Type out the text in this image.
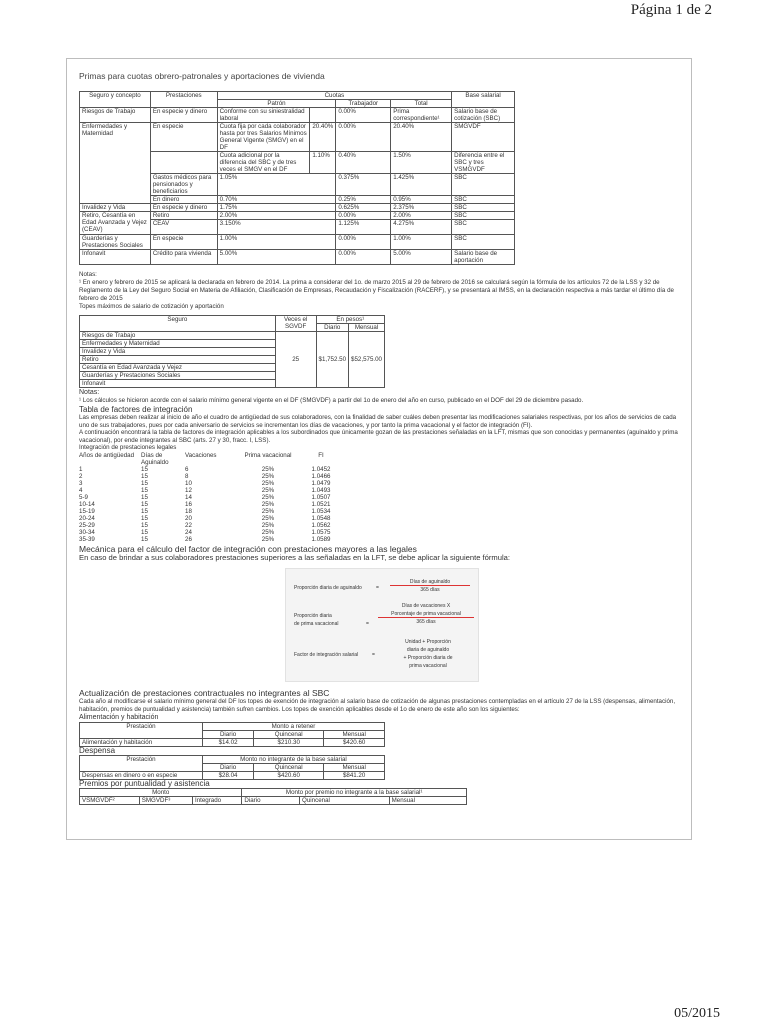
Página 1 de 2
Primas para cuotas obrero-patronales y aportaciones de vivienda
Seguro y concepto	Prestaciones	Cuotas				Base salarial
		Patrón		Trabajador	Total	
Riesgos de Trabajo	En especie y dinero	Conforme con su siniestralidad laboral		0.00%	Prima correspondiente¹	Salario base de cotización (SBC)
Enfermedades y Maternidad	En especie	Cuota fija por cada colaborador hasta por tres Salarios Mínimos General Vigente (SMGV) en el DF	20.40%	0.00%	20.40%	SMGVDF
		Cuota adicional por la diferencia del SBC y de tres veces el SMGV en el DF	1.10%	0.40%	1.50%	Diferencia entre el SBC y tres VSMGVDF
	Gastos médicos para pensionados y beneficiarios	1.05%		0.375%	1.425%	SBC
	En dinero	0.70%		0.25%	0.95%	SBC
Invalidez y Vida	En especie y dinero	1.75%		0.625%	2.375%	SBC
Retiro, Cesantía en Edad Avanzada y Vejez (CEAV)	Retiro	2.00%		0.00%	2.00%	SBC
	CEAV	3.150%		1.125%	4.275%	SBC
Guarderías y Prestaciones Sociales	En especie	1.00%		0.00%	1.00%	SBC
Infonavit	Crédito para vivienda	5.00%		0.00%	5.00%	Salario base de aportación
Notas:
¹ En enero y febrero de 2015 se aplicará la declarada en febrero de 2014. La prima a considerar del 1o. de marzo 2015 al 29 de febrero de 2016 se calculará según la fórmula de los artículos 72 de la LSS y 32 de Reglamento de la Ley del Seguro Social en Materia de Afiliación, Clasificación de Empresas, Recaudación y Fiscalización (RACERF), y se presentará al IMSS, en la declaración respectiva a más tardar el último día de febrero de 2015
Topes máximos de salario de cotización y aportación
Seguro	Veces el SGVDF	En pesos¹	
		Diario	Mensual
Riesgos de Trabajo	25	$1,752.50	$52,575.00
Enfermedades y Maternidad			
Invalidez y Vida			
Retiro			
Cesantía en Edad Avanzada y Vejez			
Guarderías y Prestaciones Sociales			
Infonavit			
Notas:
¹ Los cálculos se hicieron acorde con el salario mínimo general vigente en el DF (SMGVDF) a partir del 1o de enero del año en curso, publicado en el DOF del 29 de diciembre pasado.
Tabla de factores de integración
Las empresas deben realizar al inicio de año el cuadro de antigüedad de sus colaboradores, con la finalidad de saber cuáles deben presentar las modificaciones salariales respectivas, por los años de servicios de cada uno de sus trabajadores, pues por cada aniversario de servicios se incrementan los días de vacaciones, y por tanto la prima vacacional y el factor de integración (FI).
A continuación encontrará la tabla de factores de integración aplicables a los subordinados que únicamente gozan de las prestaciones señaladas en la LFT, mismas que son conocidas y permanentes (aguinaldo y prima vacacional), por ende integrantes al SBC (arts. 27 y 30, fracc. I, LSS).
Integración de prestaciones legales
Años de antigüedad	Días de Aguinaldo	Vacaciones	Prima vacacional	FI
1	15	6	25%	1.0452
2	15	8	25%	1.0466
3	15	10	25%	1.0479
4	15	12	25%	1.0493
5-9	15	14	25%	1.0507
10-14	15	16	25%	1.0521
15-19	15	18	25%	1.0534
20-24	15	20	25%	1.0548
25-29	15	22	25%	1.0562
30-34	15	24	25%	1.0575
35-39	15	26	25%	1.0589
Mecánica para el cálculo del factor de integración con prestaciones mayores a las legales
En caso de brindar a sus colaboradores prestaciones superiores a las señaladas en la LFT, se debe aplicar la siguiente fórmula:
Proporción diaria de aguinaldo	=
Días de aguinaldo
365 días
Proporción diaria
de prima vacacional	=
Días de vacaciones X
Porcentaje de prima vacacional
365 días
Factor de integración salarial	=
Unidad + Proporción
diaria de aguinaldo
+ Proporción diaria de
prima vacacional
Actualización de prestaciones contractuales no integrantes al SBC
Cada año al modificarse el salario mínimo general del DF los topes de exención de integración al salario base de cotización de algunas prestaciones contempladas en el artículo 27 de la LSS (despensas, alimentación, habitación, premios de puntualidad y asistencia) también sufren cambios. Los topes de exención aplicables desde el 1o de enero de este año son los siguientes:
Alimentación y habitación
Prestación	Monto a retener		
	Diario	Quincenal	Mensual
Alimentación y habitación	$14.02	$210.30	$420.60
Despensa
Prestación	Monto no integrante de la base salarial		
	Diario	Quincenal	Mensual
Despensas en dinero o en especie	$28.04	$420.60	$841.20
Premios por puntualidad y asistencia
Monto			Monto por premio no integrante a la base salarial¹		
VSMGVDF²	SMGVDF³	Integrado	Diario	Quincenal	Mensual
05/2015
